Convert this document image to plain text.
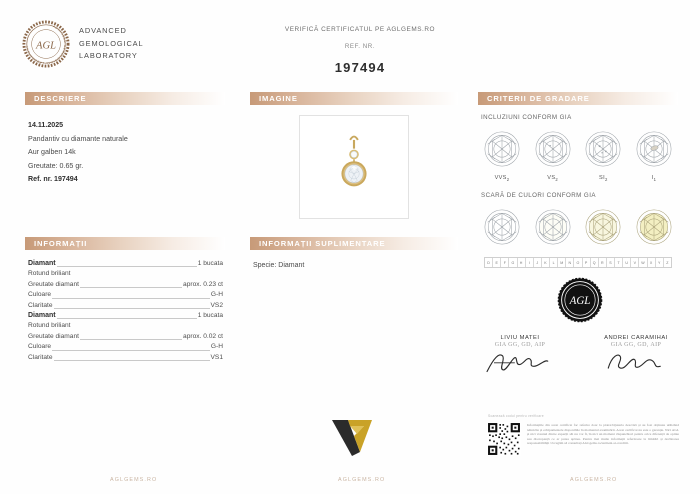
AGL
ADVANCED GEMOLOGICAL LABORATORY
ADVANCED
GEMOLOGICAL
LABORATORY
VERIFICĂ CERTIFICATUL PE AGLGEMS.RO
REF. NR.
197494
DESCRIERE
14.11.2025
Pandantiv cu diamante naturale
Aur galben 14k
Greutate: 0.65 gr.
Ref. nr. 197494
IMAGINE	CRITERII DE GRADARE
INCLUZIUNI CONFORM GIA
$VVS_2$	$VS_2$	$SI_2$	$I_1$
SCARĂ DE CULORI CONFORM GIA
D	E	F	G	H	I	J	K	L	M	N	O	P	Q	R	S	T	U	V	W	X	Y	Z
INFORMAȚII
Diamant	1 bucata
Rotund briliant
Greutate diamant	aprox. 0.23 ct
Culoare	G-H
Claritate	VS2
Diamant	1 bucata
Rotund briliant
Greutate diamant	aprox. 0.02 ct
Culoare	G-H
Claritate	VS1
INFORMAȚII SUPLIMENTARE
Specie: Diamant
AGL
LIVIU MATEI
GIA GG, GD, AIP
ANDREI CARAMIHAI
GIA GG, GD, AIP
Scanează codul pentru verificare
Informațiile din acest certificat fac referire doar la piatra/bijuteria descrisă și au fost obținute utilizând tehnicile și echipamentele disponibile în momentul examinării. Acest certificat nu este o garanție. Nici AGL și nici vreunul dintre experții săi nu vor fi, în nici un moment răspunzători pentru orice diferență de opinie sau discrepanță ce ar putea apărea. Pentru mai multe informații referitoare la limitări și declinarea responsabilității vă rugăm să consultați AGLgems.ro/termeni-si-conditii.
AGLGEMS.RO	AGLGEMS.RO	AGLGEMS.RO
